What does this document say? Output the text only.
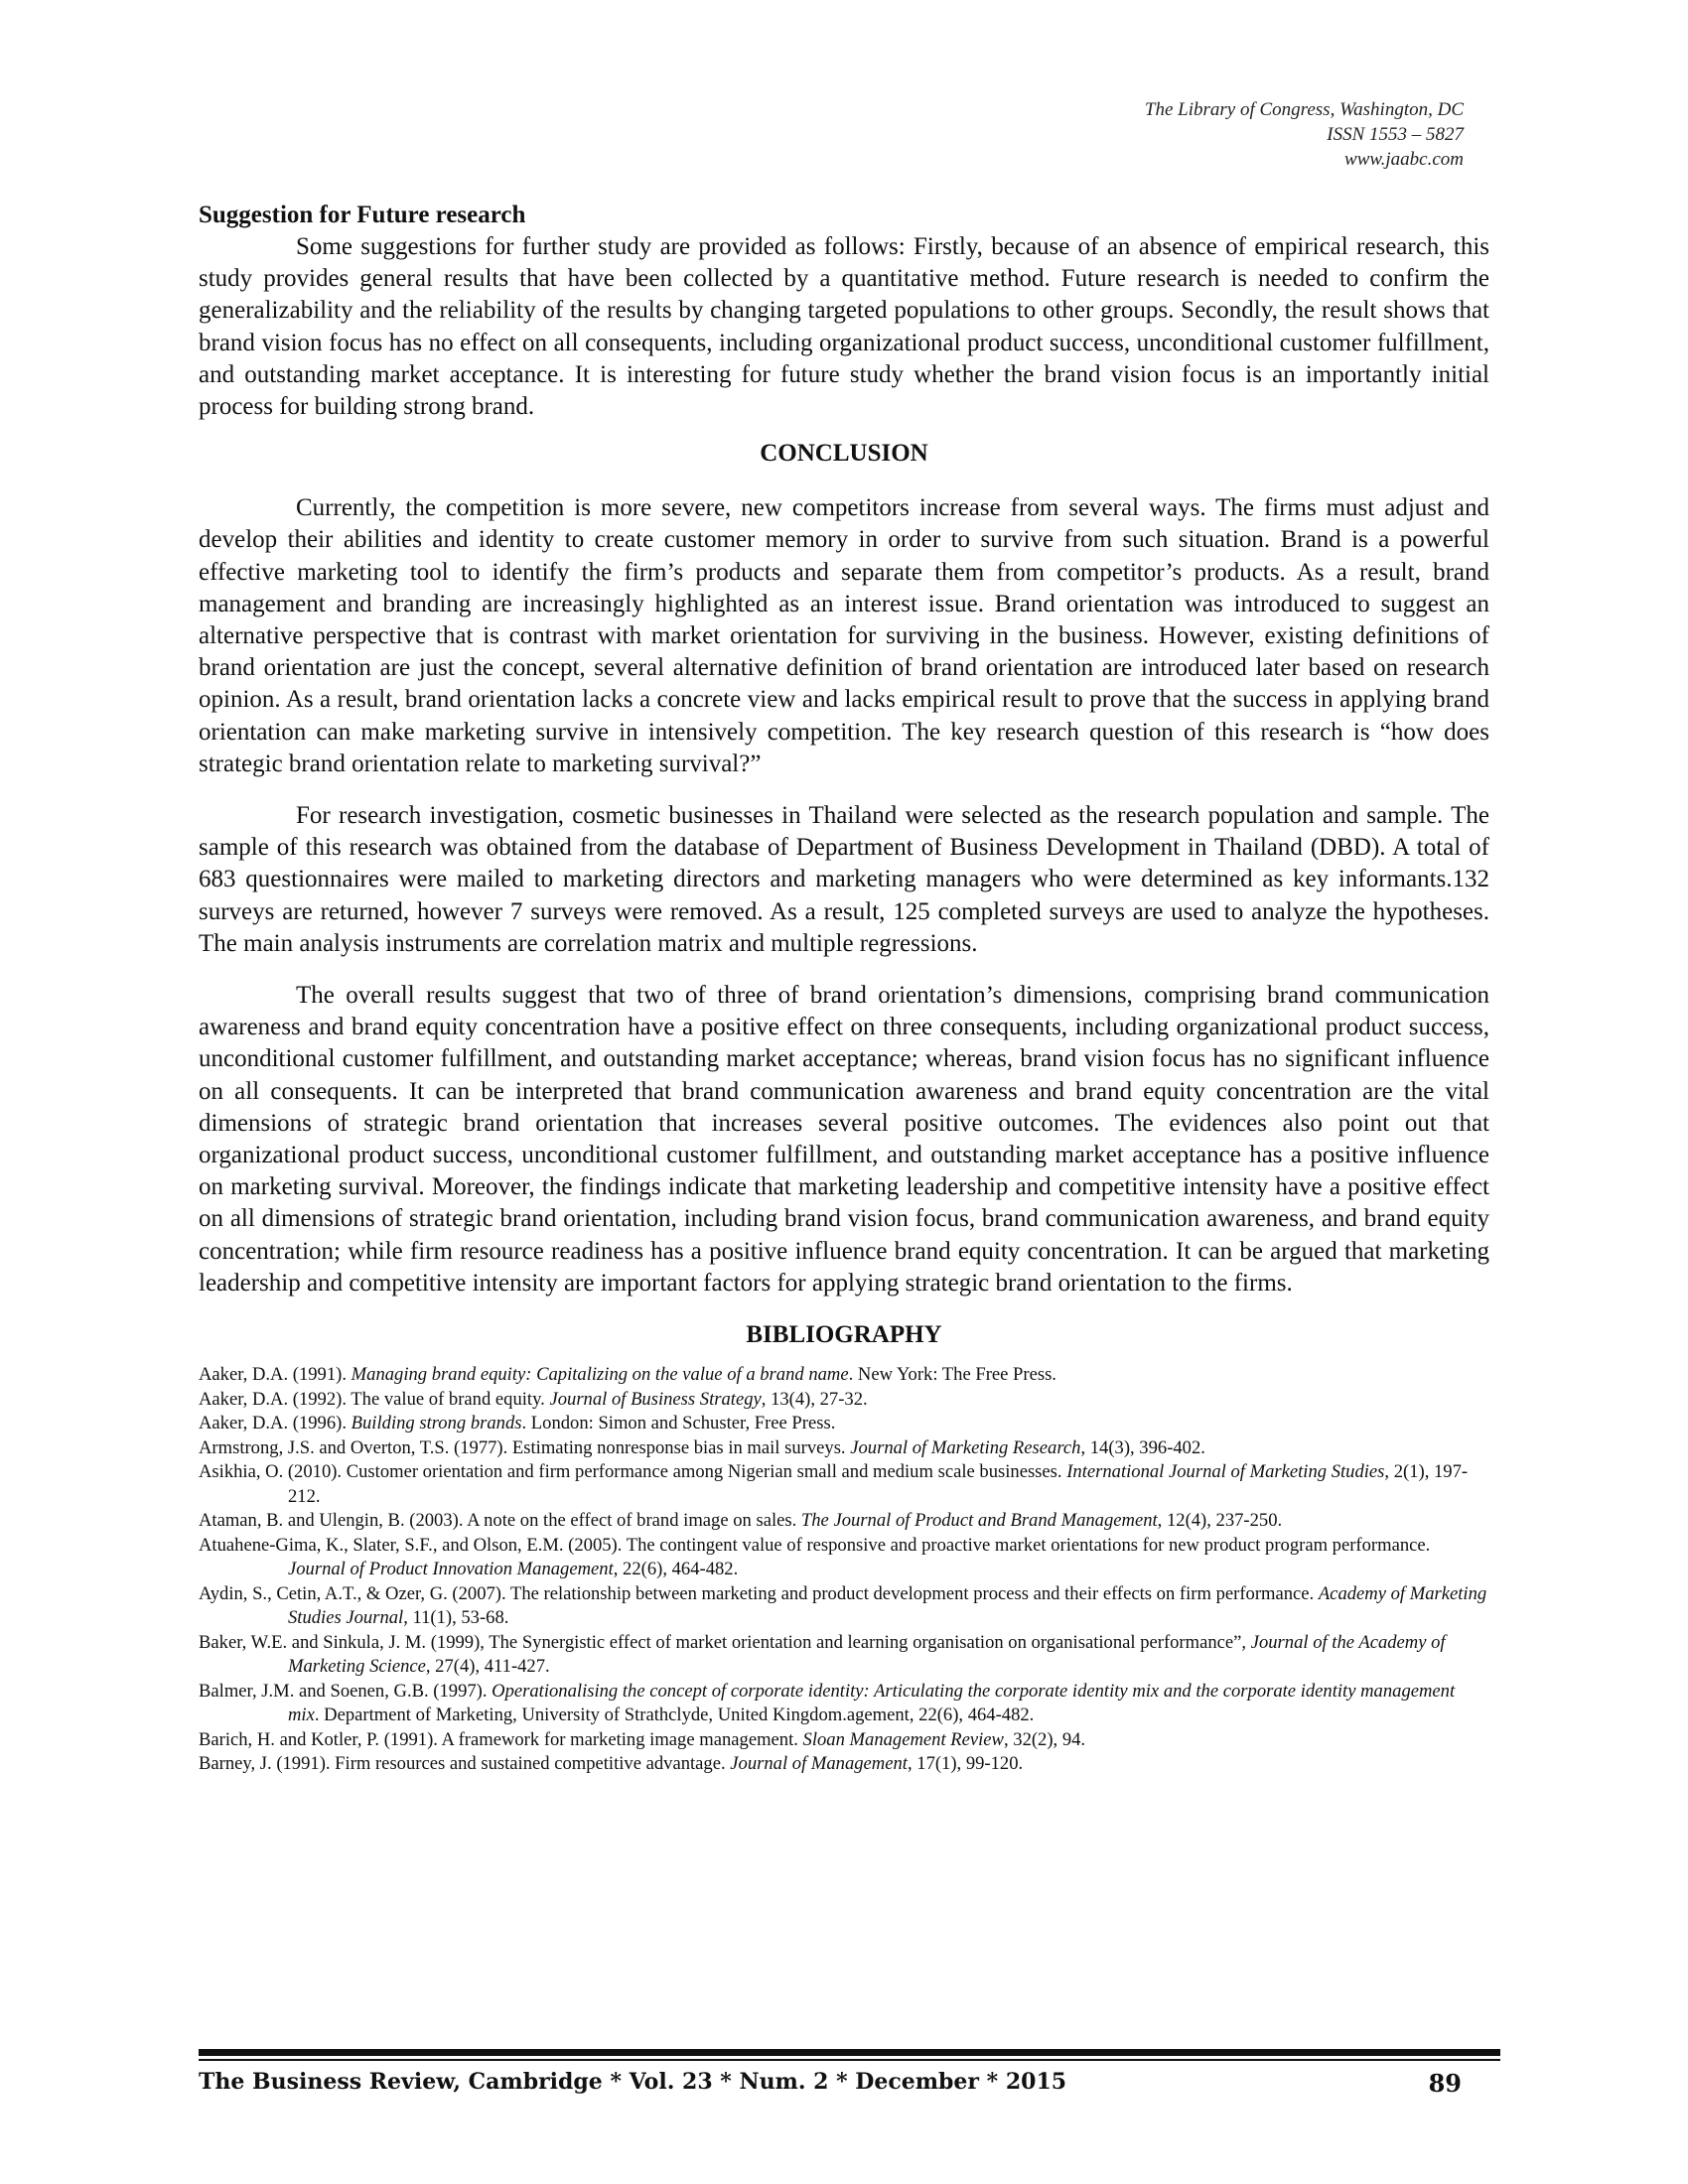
The Library of Congress, Washington, DC
ISSN 1553 – 5827
www.jaabc.com
Suggestion for Future research

Some suggestions for further study are provided as follows: Firstly, because of an absence of empirical research, this study provides general results that have been collected by a quantitative method. Future research is needed to confirm the generalizability and the reliability of the results by changing targeted populations to other groups. Secondly, the result shows that brand vision focus has no effect on all consequents, including organizational product success, unconditional customer fulfillment, and outstanding market acceptance. It is interesting for future study whether the brand vision focus is an importantly initial process for building strong brand.

CONCLUSION

Currently, the competition is more severe, new competitors increase from several ways. The firms must adjust and develop their abilities and identity to create customer memory in order to survive from such situation. Brand is a powerful effective marketing tool to identify the firm’s products and separate them from competitor’s products. As a result, brand management and branding are increasingly highlighted as an interest issue. Brand orientation was introduced to suggest an alternative perspective that is contrast with market orientation for surviving in the business. However, existing definitions of brand orientation are just the concept, several alternative definition of brand orientation are introduced later based on research opinion. As a result, brand orientation lacks a concrete view and lacks empirical result to prove that the success in applying brand orientation can make marketing survive in intensively competition. The key research question of this research is “how does strategic brand orientation relate to marketing survival?”

For research investigation, cosmetic businesses in Thailand were selected as the research population and sample. The sample of this research was obtained from the database of Department of Business Development in Thailand (DBD). A total of 683 questionnaires were mailed to marketing directors and marketing managers who were determined as key informants.132 surveys are returned, however 7 surveys were removed. As a result, 125 completed surveys are used to analyze the hypotheses. The main analysis instruments are correlation matrix and multiple regressions.

The overall results suggest that two of three of brand orientation’s dimensions, comprising brand communication awareness and brand equity concentration have a positive effect on three consequents, including organizational product success, unconditional customer fulfillment, and outstanding market acceptance; whereas, brand vision focus has no significant influence on all consequents. It can be interpreted that brand communication awareness and brand equity concentration are the vital dimensions of strategic brand orientation that increases several positive outcomes. The evidences also point out that organizational product success, unconditional customer fulfillment, and outstanding market acceptance has a positive influence on marketing survival. Moreover, the findings indicate that marketing leadership and competitive intensity have a positive effect on all dimensions of strategic brand orientation, including brand vision focus, brand communication awareness, and brand equity concentration; while firm resource readiness has a positive influence brand equity concentration. It can be argued that marketing leadership and competitive intensity are important factors for applying strategic brand orientation to the firms.

BIBLIOGRAPHY

Aaker, D.A. (1991). Managing brand equity: Capitalizing on the value of a brand name. New York: The Free Press.

Aaker, D.A. (1992). The value of brand equity. Journal of Business Strategy, 13(4), 27-32.

Aaker, D.A. (1996). Building strong brands. London: Simon and Schuster, Free Press.

Armstrong, J.S. and Overton, T.S. (1977). Estimating nonresponse bias in mail surveys. Journal of Marketing Research, 14(3), 396-402.

Asikhia, O. (2010). Customer orientation and firm performance among Nigerian small and medium scale businesses. International Journal of Marketing Studies, 2(1), 197-212.

Ataman, B. and Ulengin, B. (2003). A note on the effect of brand image on sales. The Journal of Product and Brand Management, 12(4), 237-250.

Atuahene-Gima, K., Slater, S.F., and Olson, E.M. (2005). The contingent value of responsive and proactive market orientations for new product program performance. Journal of Product Innovation Management, 22(6), 464-482.

Aydin, S., Cetin, A.T., & Ozer, G. (2007). The relationship between marketing and product development process and their effects on firm performance. Academy of Marketing Studies Journal, 11(1), 53-68.

Baker, W.E. and Sinkula, J. M. (1999), The Synergistic effect of market orientation and learning organisation on organisational performance”, Journal of the Academy of Marketing Science, 27(4), 411-427.

Balmer, J.M. and Soenen, G.B. (1997). Operationalising the concept of corporate identity: Articulating the corporate identity mix and the corporate identity management mix. Department of Marketing, University of Strathclyde, United Kingdom.agement, 22(6), 464-482.

Barich, H. and Kotler, P. (1991). A framework for marketing image management. Sloan Management Review, 32(2), 94.

Barney, J. (1991). Firm resources and sustained competitive advantage. Journal of Management, 17(1), 99-120.

The Business Review, Cambridge * Vol. 23 * Num. 2 * December * 2015	89
